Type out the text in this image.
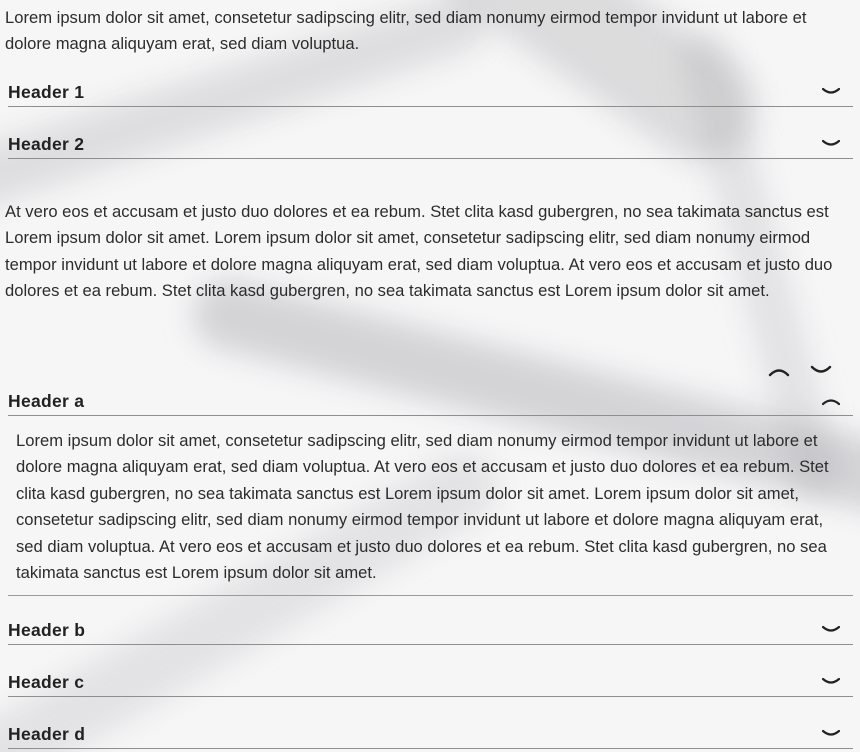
Lorem ipsum dolor sit amet, consetetur sadipscing elitr, sed diam nonumy eirmod tempor invidunt ut labore et dolore magna aliquyam erat, sed diam voluptua.

Header 1
Header 2

At vero eos et accusam et justo duo dolores et ea rebum. Stet clita kasd gubergren, no sea takimata sanctus est Lorem ipsum dolor sit amet. Lorem ipsum dolor sit amet, consetetur sadipscing elitr, sed diam nonumy eirmod tempor invidunt ut labore et dolore magna aliquyam erat, sed diam voluptua. At vero eos et accusam et justo duo dolores et ea rebum. Stet clita kasd gubergren, no sea takimata sanctus est Lorem ipsum dolor sit amet.

Header a

Lorem ipsum dolor sit amet, consetetur sadipscing elitr, sed diam nonumy eirmod tempor invidunt ut labore et dolore magna aliquyam erat, sed diam voluptua. At vero eos et accusam et justo duo dolores et ea rebum. Stet clita kasd gubergren, no sea takimata sanctus est Lorem ipsum dolor sit amet. Lorem ipsum dolor sit amet, consetetur sadipscing elitr, sed diam nonumy eirmod tempor invidunt ut labore et dolore magna aliquyam erat, sed diam voluptua. At vero eos et accusam et justo duo dolores et ea rebum. Stet clita kasd gubergren, no sea takimata sanctus est Lorem ipsum dolor sit amet.

Header b
Header c
Header d
